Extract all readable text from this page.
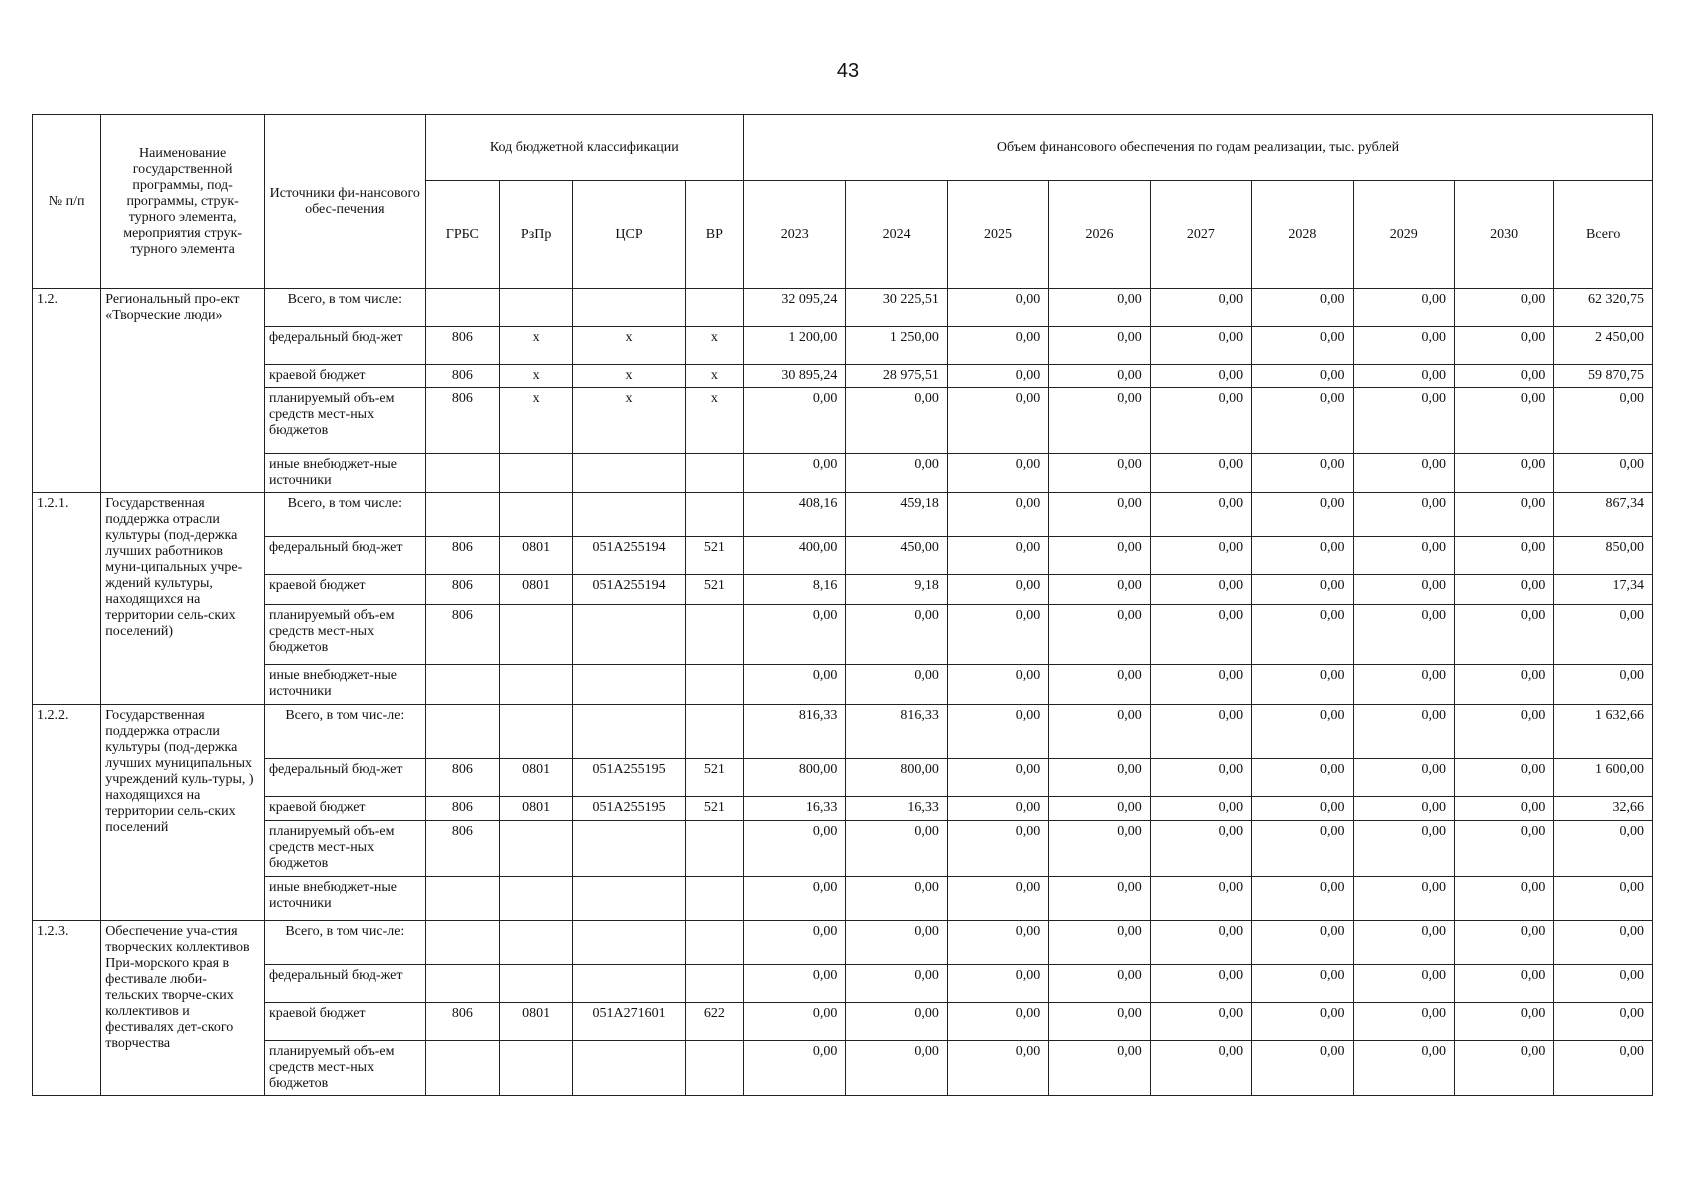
43
№ п/п	Наименование государственной программы, под-программы, струк-турного элемента, мероприятия струк-турного элемента	Источники фи-нансового обес-печения	Код бюджетной классификации				Объем финансового обеспечения по годам реализации, тыс. рублей								
			ГРБС	РзПр	ЦСР	ВР	2023	2024	2025	2026	2027	2028	2029	2030	Всего
1.2.	Региональный про-ект «Творческие люди»	Всего, в том числе:					32 095,24	30 225,51	0,00	0,00	0,00	0,00	0,00	0,00	62 320,75
		федеральный бюд-жет	806	x	x	x	1 200,00	1 250,00	0,00	0,00	0,00	0,00	0,00	0,00	2 450,00
		краевой бюджет	806	x	x	x	30 895,24	28 975,51	0,00	0,00	0,00	0,00	0,00	0,00	59 870,75
		планируемый объ-ем средств мест-ных бюджетов	806	x	x	x	0,00	0,00	0,00	0,00	0,00	0,00	0,00	0,00	0,00
		иные внебюджет-ные источники					0,00	0,00	0,00	0,00	0,00	0,00	0,00	0,00	0,00
1.2.1.	Государственная поддержка отрасли культуры (под-держка лучших работников муни-ципальных учре-ждений культуры, находящихся на территории сель-ских поселений)	Всего, в том числе:					408,16	459,18	0,00	0,00	0,00	0,00	0,00	0,00	867,34
		федеральный бюд-жет	806	0801	051A255194	521	400,00	450,00	0,00	0,00	0,00	0,00	0,00	0,00	850,00
		краевой бюджет	806	0801	051A255194	521	8,16	9,18	0,00	0,00	0,00	0,00	0,00	0,00	17,34
		планируемый объ-ем средств мест-ных бюджетов	806				0,00	0,00	0,00	0,00	0,00	0,00	0,00	0,00	0,00
		иные внебюджет-ные источники					0,00	0,00	0,00	0,00	0,00	0,00	0,00	0,00	0,00
1.2.2.	Государственная поддержка отрасли культуры (под-держка лучших муниципальных учреждений куль-туры, ) находящихся на территории сель-ских поселений	Всего, в том чис-ле:					816,33	816,33	0,00	0,00	0,00	0,00	0,00	0,00	1 632,66
		федеральный бюд-жет	806	0801	051A255195	521	800,00	800,00	0,00	0,00	0,00	0,00	0,00	0,00	1 600,00
		краевой бюджет	806	0801	051A255195	521	16,33	16,33	0,00	0,00	0,00	0,00	0,00	0,00	32,66
		планируемый объ-ем средств мест-ных бюджетов	806				0,00	0,00	0,00	0,00	0,00	0,00	0,00	0,00	0,00
		иные внебюджет-ные источники					0,00	0,00	0,00	0,00	0,00	0,00	0,00	0,00	0,00
1.2.3.	Обеспечение уча-стия творческих коллективов При-морского края в фестивале люби-тельских творче-ских коллективов и фестивалях дет-ского творчества	Всего, в том чис-ле:					0,00	0,00	0,00	0,00	0,00	0,00	0,00	0,00	0,00
		федеральный бюд-жет					0,00	0,00	0,00	0,00	0,00	0,00	0,00	0,00	0,00
		краевой бюджет	806	0801	051A271601	622	0,00	0,00	0,00	0,00	0,00	0,00	0,00	0,00	0,00
		планируемый объ-ем средств мест-ных бюджетов					0,00	0,00	0,00	0,00	0,00	0,00	0,00	0,00	0,00
